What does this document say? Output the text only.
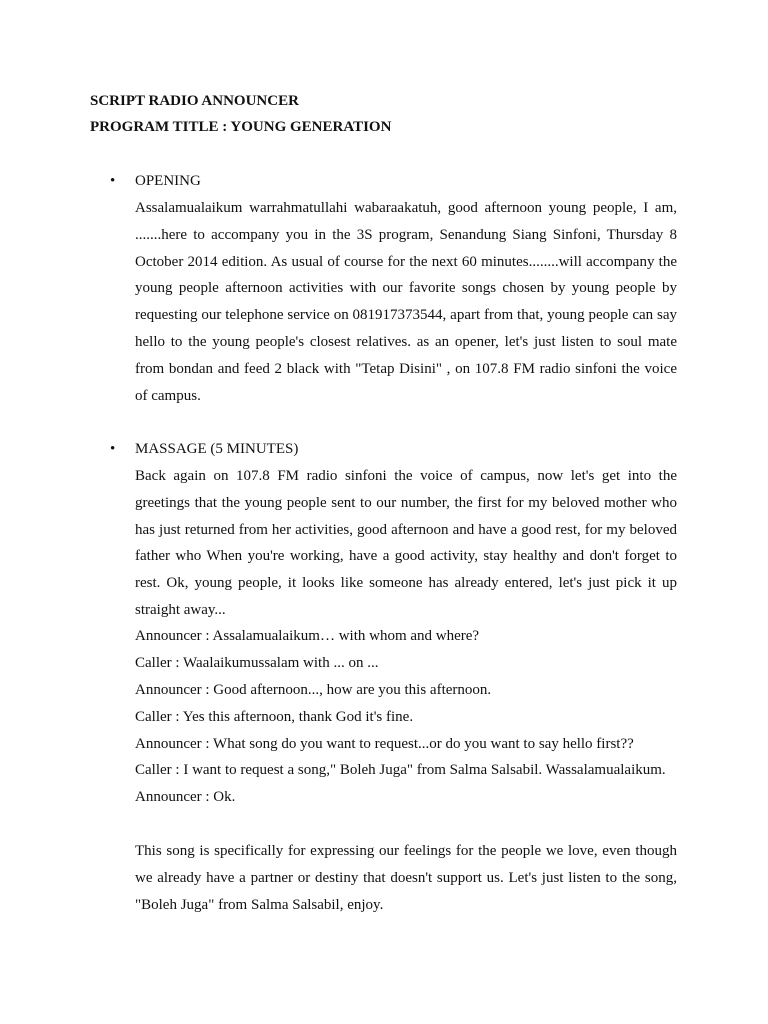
SCRIPT RADIO ANNOUNCER
PROGRAM TITLE : YOUNG GENERATION
• OPENING

Assalamualaikum warrahmatullahi wabaraakatuh, good afternoon young people, I am, .......here to accompany you in the 3S program, Senandung Siang Sinfoni, Thursday 8 October 2014 edition. As usual of course for the next 60 minutes........will accompany the young people afternoon activities with our favorite songs chosen by young people by requesting our telephone service on 081917373544, apart from that, young people can say hello to the young people's closest relatives. as an opener, let's just listen to soul mate from bondan and feed 2 black with "Tetap Disini" , on 107.8 FM radio sinfoni the voice of campus.

• MASSAGE (5 MINUTES)

Back again on 107.8 FM radio sinfoni the voice of campus, now let's get into the greetings that the young people sent to our number, the first for my beloved mother who has just returned from her activities, good afternoon and have a good rest, for my beloved father who When you're working, have a good activity, stay healthy and don't forget to rest. Ok, young people, it looks like someone has already entered, let's just pick it up straight away...

Announcer : Assalamualaikum… with whom and where?
Caller : Waalaikumussalam with ... on ...
Announcer : Good afternoon..., how are you this afternoon.
Caller : Yes this afternoon, thank God it's fine.
Announcer : What song do you want to request...or do you want to say hello first??
Caller : I want to request a song," Boleh Juga" from Salma Salsabil. Wassalamualaikum.
Announcer : Ok.

This song is specifically for expressing our feelings for the people we love, even though we already have a partner or destiny that doesn't support us. Let's just listen to the song, "Boleh Juga" from Salma Salsabil, enjoy.
